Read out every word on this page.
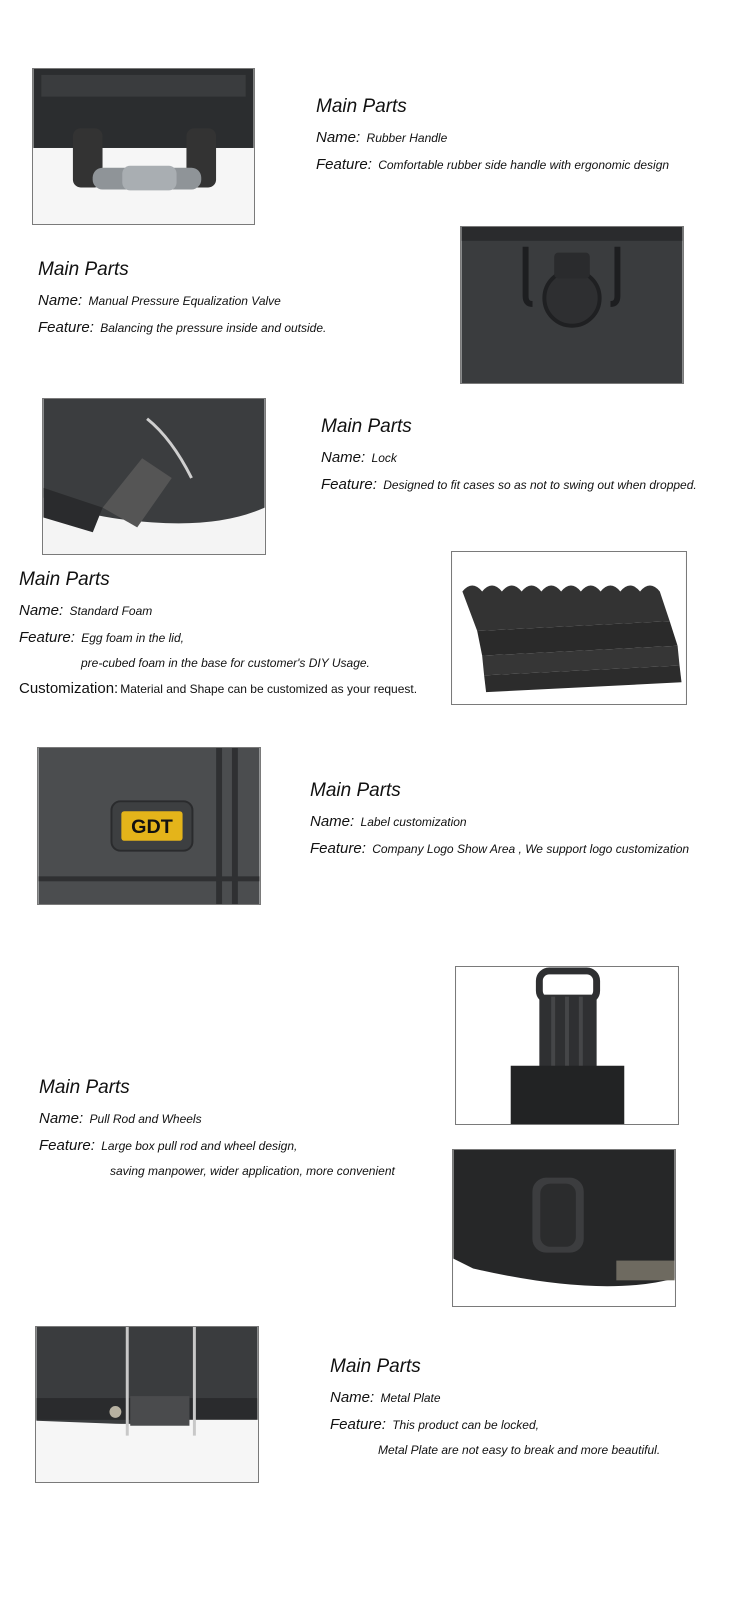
Main Parts
Name: Rubber Handle
Feature: Comfortable rubber side handle with ergonomic design
Main Parts
Name: Manual Pressure Equalization Valve
Feature: Balancing the pressure inside and outside.
Main Parts
Name: Lock
Feature: Designed to fit cases so as not to swing out when dropped.
Main Parts
Name: Standard Foam
Feature: Egg foam in the lid,
pre-cubed foam in the base for customer's DIY Usage.
Customization: Material and Shape can be customized as your request.
GDT
Main Parts
Name: Label customization
Feature: Company Logo Show Area , We support logo customization
Main Parts
Name: Pull Rod and Wheels
Feature: Large box pull rod and wheel design,
saving manpower, wider application, more convenient
Main Parts
Name: Metal Plate
Feature: This product can be locked,
Metal Plate are not easy to break and more beautiful.
